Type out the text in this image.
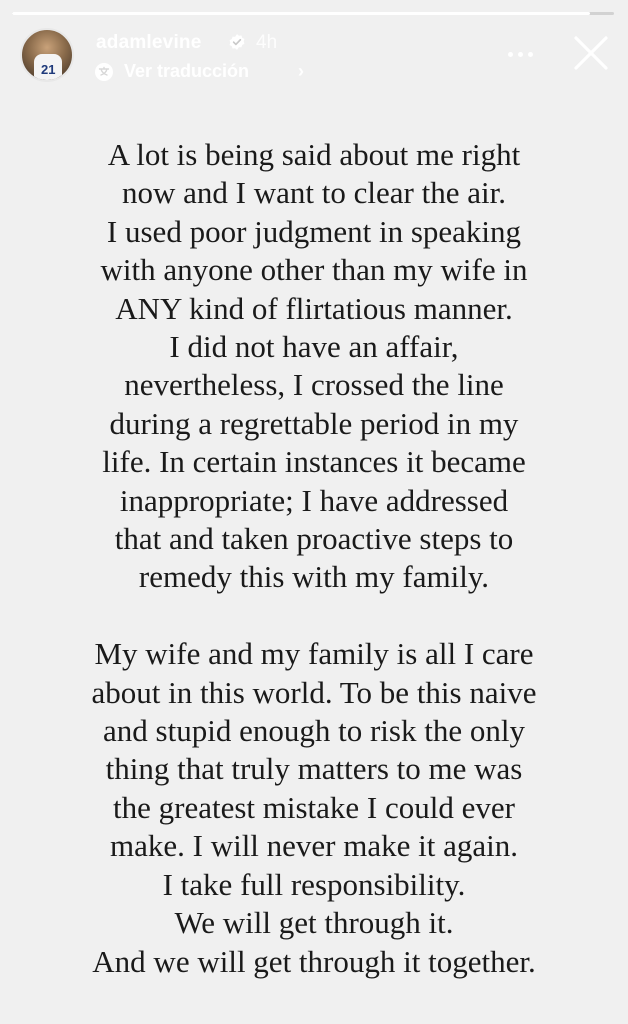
21
adamlevine	4h
Ver traducción	›

A lot is being said about me right

now and I want to clear the air.

I used poor judgment in speaking

with anyone other than my wife in

ANY kind of flirtatious manner.

I did not have an affair,

nevertheless, I crossed the line

during a regrettable period in my

life. In certain instances it became

inappropriate; I have addressed

that and taken proactive steps to

remedy this with my family.

My wife and my family is all I care

about in this world. To be this naive

and stupid enough to risk the only

thing that truly matters to me was

the greatest mistake I could ever

make. I will never make it again.

I take full responsibility.

We will get through it.

And we will get through it together.
